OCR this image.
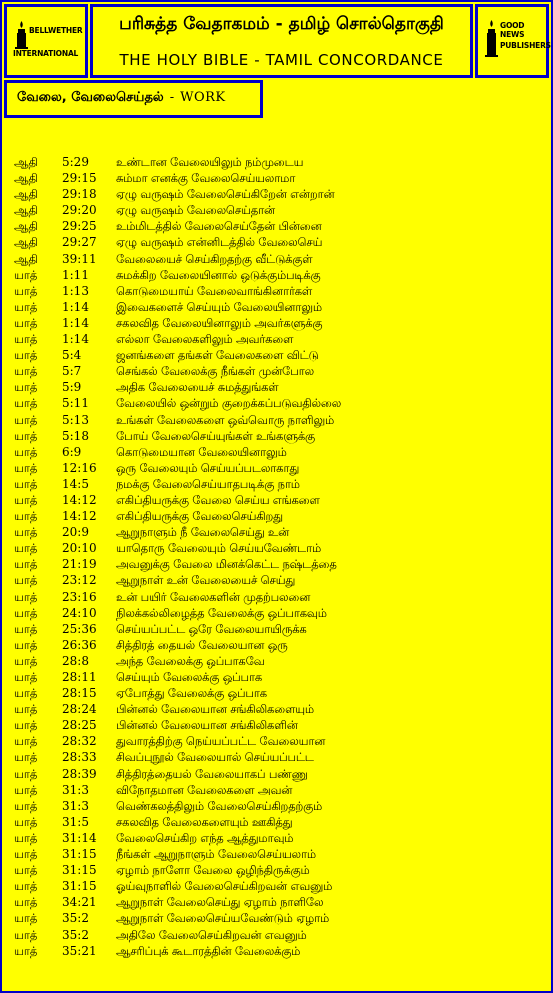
BELLWETHER
INTERNATIONAL
பரிசுத்த வேதாகமம் - தமிழ் சொல்தொகுதி
THE HOLY BIBLE - TAMIL CONCORDANCE
GOOD NEWS
PUBLISHERS
வேலை, வேலைசெய்தல் - WORK
ஆதி 5:29 உண்டான வேலையிலும் நம்முடைய
ஆதி 29:15 சும்மா எனக்கு வேலைசெய்யலாமா
ஆதி 29:18 ஏழு வருஷம் வேலைசெய்கிறேன் என்றான்
ஆதி 29:20 ஏழு வருஷம் வேலைசெய்தான்
ஆதி 29:25 உம்மிடத்தில் வேலைசெய்தேன் பின்னை
ஆதி 29:27 ஏழு வருஷம் என்னிடத்தில் வேலைசெய்
ஆதி 39:11 வேலையைச் செய்கிறதற்கு வீட்டுக்குள்
யாத் 1:11 சுமக்கிற வேலையினால் ஒடுக்கும்படிக்கு
யாத் 1:13 கொடுமையாய் வேலைவாங்கினார்கள்
யாத் 1:14 இவைகளைச் செய்யும் வேலையினாலும்
யாத் 1:14 சகலவித வேலையினாலும் அவர்களுக்கு
யாத் 1:14 எல்லா வேலைகளிலும் அவர்களை
யாத் 5:4	ஜனங்களை தங்கள் வேலைகளை விட்டு
யாத் 5:7	செங்கல் வேலைக்கு நீங்கள் முன்போல
யாத் 5:9	அதிக வேலையைச் சுமத்துங்கள்
யாத் 5:11 வேலையில் ஒன்றும் குறைக்கப்படுவதில்லை
யாத் 5:13 உங்கள் வேலைகளை ஒவ்வொரு நாளிலும்
யாத் 5:18 போய் வேலைசெய்யுங்கள் உங்களுக்கு
யாத் 6:9	கொடுமையான வேலையினாலும்
யாத் 12:16 ஒரு வேலையும் செய்யப்படலாகாது
யாத் 14:5 நமக்கு வேலைசெய்யாதபடிக்கு நாம்
யாத் 14:12 எகிப்தியருக்கு வேலை செய்ய எங்களை
யாத் 14:12 எகிப்தியருக்கு வேலைசெய்கிறது
யாத் 20:9 ஆறுநாளும் நீ வேலைசெய்து உன்
யாத் 20:10 யாதொரு வேலையும் செய்யவேண்டாம்
யாத் 21:19 அவனுக்கு வேலை மினக்கெட்ட நஷ்டத்தை
யாத் 23:12 ஆறுநாள் உன் வேலையைச் செய்து
யாத் 23:16 உன் பயிர் வேலைகளின் முதற்பலனை
யாத் 24:10 நிலக்கல்லிழைத்த வேலைக்கு ஒப்பாகவும்
யாத் 25:36 செய்யப்பட்ட ஒரே வேலையாயிருக்க
யாத் 26:36 சித்திரத் தையல் வேலையான ஒரு
யாத் 28:8 அந்த வேலைக்கு ஒப்பாகவே
யாத் 28:11 செய்யும் வேலைக்கு ஒப்பாக
யாத் 28:15 ஏபோத்து வேலைக்கு ஒப்பாக
யாத் 28:24 பின்னல் வேலையான சங்கிலிகளையும்
யாத் 28:25 பின்னல் வேலையான சங்கிலிகளின்
யாத் 28:32 துவாரத்திற்கு நெய்யப்பட்ட வேலையான
யாத் 28:33 சிவப்புநூல் வேலையால் செய்யப்பட்ட
யாத் 28:39 சித்திரத்தையல் வேலையாகப் பண்ணு
யாத் 31:3 விநோதமான வேலைகளை அவன்
யாத் 31:3 வெண்கலத்திலும் வேலைசெய்கிறதற்கும்
யாத் 31:5 சகலவித வேலைகளையும் ஊகித்து
யாத் 31:14 வேலைசெய்கிற எந்த ஆத்துமாவும்
யாத் 31:15 நீங்கள் ஆறுநாளும் வேலைசெய்யலாம்
யாத் 31:15 ஏழாம் நாளோ வேலை ஒழிந்திருக்கும்
யாத் 31:15 ஓய்வுநாளில் வேலைசெய்கிறவன் எவனும்
யாத் 34:21 ஆறுநாள் வேலைசெய்து ஏழாம் நாளிலே
யாத் 35:2 ஆறுநாள் வேலைசெய்யவேண்டும் ஏழாம்
யாத் 35:2 அதிலே வேலைசெய்கிறவன் எவனும்
யாத் 35:21 ஆசரிப்புக் கூடாரத்தின் வேலைக்கும்
